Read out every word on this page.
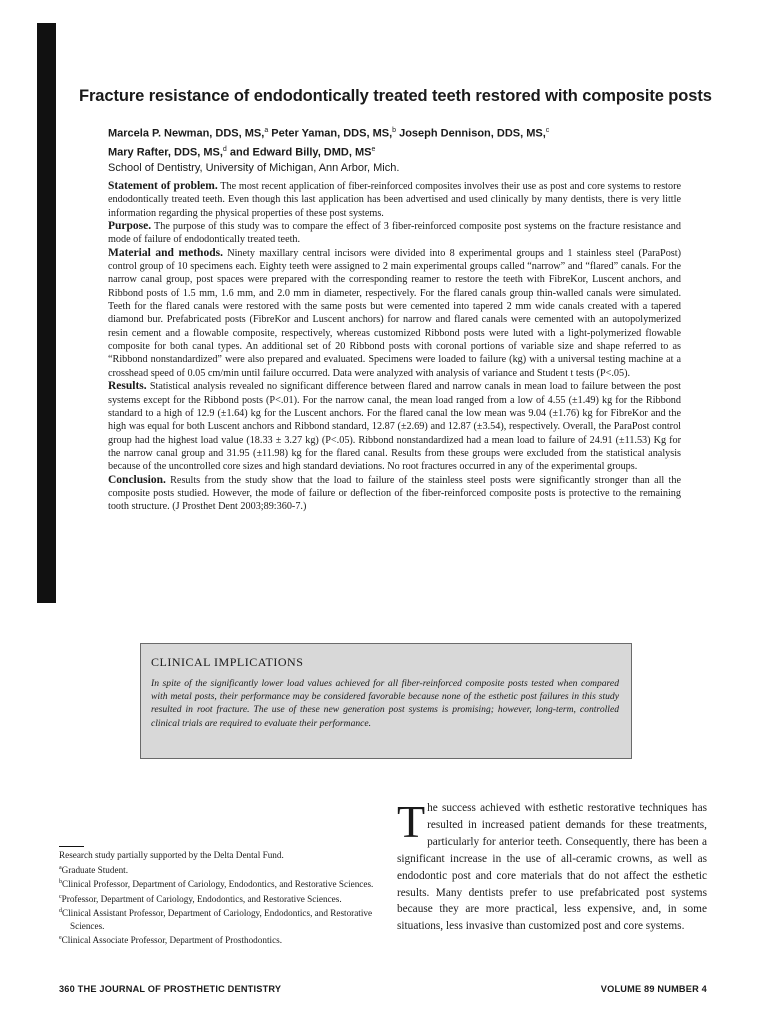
Fracture resistance of endodontically treated teeth restored with composite posts
Marcela P. Newman, DDS, MS,$^a$ Peter Yaman, DDS, MS,$^b$ Joseph Dennison, DDS, MS,$^c$
Mary Rafter, DDS, MS,$^d$ and Edward Billy, DMD, $MS^e$
School of Dentistry, University of Michigan, Ann Arbor, Mich.

Statement of problem. The most recent application of fiber-reinforced composites involves their use as post and core systems to restore endodontically treated teeth. Even though this last application has been advertised and used clinically by many dentists, there is very little information regarding the physical properties of these post systems.

Purpose. The purpose of this study was to compare the effect of 3 fiber-reinforced composite post systems on the fracture resistance and mode of failure of endodontically treated teeth.

Material and methods. Ninety maxillary central incisors were divided into 8 experimental groups and 1 stainless steel (ParaPost) control group of 10 specimens each. Eighty teeth were assigned to 2 main experimental groups called “narrow” and “flared” canals. For the narrow canal group, post spaces were prepared with the corresponding reamer to restore the teeth with FibreKor, Luscent anchors, and Ribbond posts of 1.5 mm, 1.6 mm, and 2.0 mm in diameter, respectively. For the flared canals group thin-walled canals were simulated. Teeth for the flared canals were restored with the same posts but were cemented into tapered 2 mm wide canals created with a tapered diamond bur. Prefabricated posts (FibreKor and Luscent anchors) for narrow and flared canals were cemented with an autopolymerized resin cement and a flowable composite, respectively, whereas customized Ribbond posts were luted with a light-polymerized flowable composite for both canal types. An additional set of 20 Ribbond posts with coronal portions of variable size and shape referred to as “Ribbond nonstandardized” were also prepared and evaluated. Specimens were loaded to failure (kg) with a universal testing machine at a crosshead speed of 0.05 cm/min until failure occurred. Data were analyzed with analysis of variance and Student t tests (P<.05).

Results. Statistical analysis revealed no significant difference between flared and narrow canals in mean load to failure between the post systems except for the Ribbond posts (P<.01). For the narrow canal, the mean load ranged from a low of 4.55 (±1.49) kg for the Ribbond standard to a high of 12.9 (±1.64) kg for the Luscent anchors. For the flared canal the low mean was 9.04 (±1.76) kg for FibreKor and the high was equal for both Luscent anchors and Ribbond standard, 12.87 (±2.69) and 12.87 (±3.54), respectively. Overall, the ParaPost control group had the highest load value (18.33 ± 3.27 kg) (P<.05). Ribbond nonstandardized had a mean load to failure of 24.91 (±11.53) Kg for the narrow canal group and 31.95 (±11.98) kg for the flared canal. Results from these groups were excluded from the statistical analysis because of the uncontrolled core sizes and high standard deviations. No root fractures occurred in any of the experimental groups.

Conclusion. Results from the study show that the load to failure of the stainless steel posts were significantly stronger than all the composite posts studied. However, the mode of failure or deflection of the fiber-reinforced composite posts is protective to the remaining tooth structure. (J Prosthet Dent 2003;89:360-7.)

CLINICAL IMPLICATIONS

In spite of the significantly lower load values achieved for all fiber-reinforced composite posts tested when compared with metal posts, their performance may be considered favorable because none of the esthetic post failures in this study resulted in root fracture. The use of these new generation post systems is promising; however, long-term, controlled clinical trials are required to evaluate their performance.

Research study partially supported by the Delta Dental Fund.
$^a$Graduate Student.
$^b$Clinical Professor, Department of Cariology, Endodontics, and Restorative Sciences.
$^c$Professor, Department of Cariology, Endodontics, and Restorative Sciences.
$^d$Clinical Assistant Professor, Department of Cariology, Endodontics, and Restorative Sciences.
$^e$Clinical Associate Professor, Department of Prosthodontics.

The success achieved with esthetic restorative techniques has resulted in increased patient demands for these treatments, particularly for anterior teeth. Consequently, there has been a significant increase in the use of all-ceramic crowns, as well as endodontic post and core materials that do not affect the esthetic results. Many dentists prefer to use prefabricated post systems because they are more practical, less expensive, and, in some situations, less invasive than customized post and core systems.

360 THE JOURNAL OF PROSTHETIC DENTISTRY	VOLUME 89 NUMBER 4
